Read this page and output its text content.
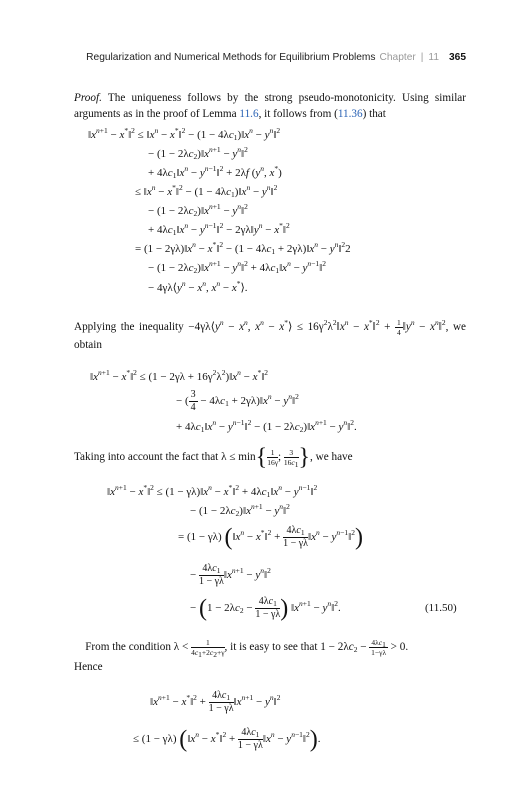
Regularization and Numerical Methods for Equilibrium Problems Chapter | 11 365
Proof. The uniqueness follows by the strong pseudo-monotonicity. Using similar arguments as in the proof of Lemma 11.6, it follows from (11.36) that
$‖x^{n+1}$ − x*‖$^2$ ≤ $‖x^n$ − x*‖$^2$ − $(1 - 4\lambda c_1)‖x^n$ − $y^n‖^2$
− $(1 - 2\lambda c_2)‖x^{n+1}$ − $y^n‖^2$
+ $4\lambda c_1‖x^n$ − $y^{n-1}‖^2 + 2\lambda f$ ($y^n$, x*)
≤ $‖x^n$ − x*‖$^2$ − $(1 - 4\lambda c_1)‖x^n$ − $y^n‖^2$
− $(1 - 2\lambda c_2)‖x^{n+1}$ − $y^n‖^2$
+ $4\lambda c_1‖x^n$ − $y^{n-1}‖^2$ − $2\gamma\lambda‖y^n$ − x*‖$^2$
= $(1 - 2\gamma\lambda)‖x^n$ − x*‖$^2$ − ($1 - 4\lambda c_1$ + $2\gamma\lambda)‖x^n$ − $y^n‖^22$
− $(1 - 2\lambda c_2)‖x^{n+1}$ − $y^n‖^2$ + $4\lambda c_1‖x^n$ − $y^{n-1}‖^2$
− $4\gamma\lambda⟨y^n - x^n$, $x^n$ − x*⟩.
Applying the inequality $-4\gamma\lambda⟨y^n - x^n$, $x^n$ − x*⟩ ≤ $16\gamma^2\lambda^2‖x^n$ − x*‖$^2$ + $\frac{1}{4}$ $‖y^n$ − $x^n‖^2$, we obtain
$‖x^{n+1}$ − x*‖$^2$ ≤ $(1 - 2\gamma\lambda + 16\gamma^2\lambda^2)‖x^n$ − x*‖$^2$
− ( $\frac{3}{4} - 4\lambda c_1$ + $2\gamma\lambda)‖x^n$ − $y^n‖^2$
+ $4\lambda c_1‖x^n$ − $y^{n-1}‖^2 - (1$ − $2\lambda c_2)‖x^{n+1}$ − $y^n‖^2$.
Taking into account the fact that $\lambda \le \min\{ \frac{1}{16\gamma}$ ; $\frac{3}{16c_1}$ }, we have
$‖x^{n+1}$ − x*‖$^2$ ≤ $(1 - \gamma\lambda)‖x^n$ − x*‖$^2$ + $4\lambda c_1‖x^n$ − $y^{n-1}‖^2$
− $(1 - 2\lambda c_2)‖x^{n+1}$ − $y^n‖^2$
= (1 − γλ) ($‖x^n$ − x*‖$^2$ + $\frac{4\lambda c_1}{1 - \gamma\lambda}$ $‖x^n$ − $y^{n-1}‖^2$)
− $\frac{4\lambda c_1}{1 - \gamma\lambda}$ $‖x^{n+1}$ − $y^n‖^2$
− ($1 - 2\lambda c_2 - \frac{4\lambda c_1}{1 - \gamma\lambda}$ ) $‖x^{n+1}$ − $y^n‖^2$.	(11.50)
From the condition $\lambda < \frac{1}{4c_1+2c_2+\gamma}$ , it is easy to see that $1 - 2\lambda c_2 - \frac{4\lambda c_1}{1-\gamma\lambda} > 0$.
Hence
$‖x^{n+1}$ − x*‖$^2$ + $\frac{4\lambda c_1}{1 - \gamma\lambda}$ $‖x^{n+1}$ − $y^n‖^2$
≤ (1 − γλ) ($‖x^n$ − x*‖$^2$ + $\frac{4\lambda c_1}{1 - \gamma\lambda}$ $‖x^n$ − $y^{n-1}‖^2$).
